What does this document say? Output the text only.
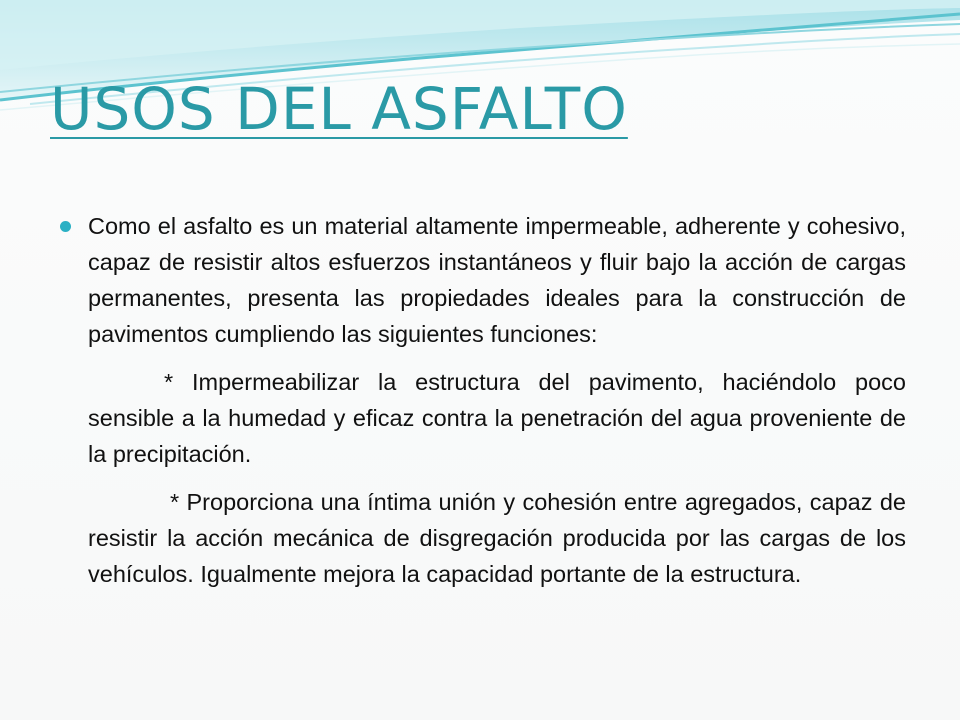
USOS DEL ASFALTO

Como el asfalto es un material altamente impermeable, adherente y cohesivo, capaz de resistir altos esfuerzos instantáneos y fluir bajo la acción de cargas permanentes, presenta las propiedades ideales para la construcción de pavimentos cumpliendo las siguientes funciones:

* Impermeabilizar la estructura del pavimento, haciéndolo poco sensible a la humedad y eficaz contra la penetración del agua proveniente de la precipitación.

* Proporciona una íntima unión y cohesión entre agregados, capaz de resistir la acción mecánica de disgregación producida por las cargas de los vehículos. Igualmente mejora la capacidad portante de la estructura.
